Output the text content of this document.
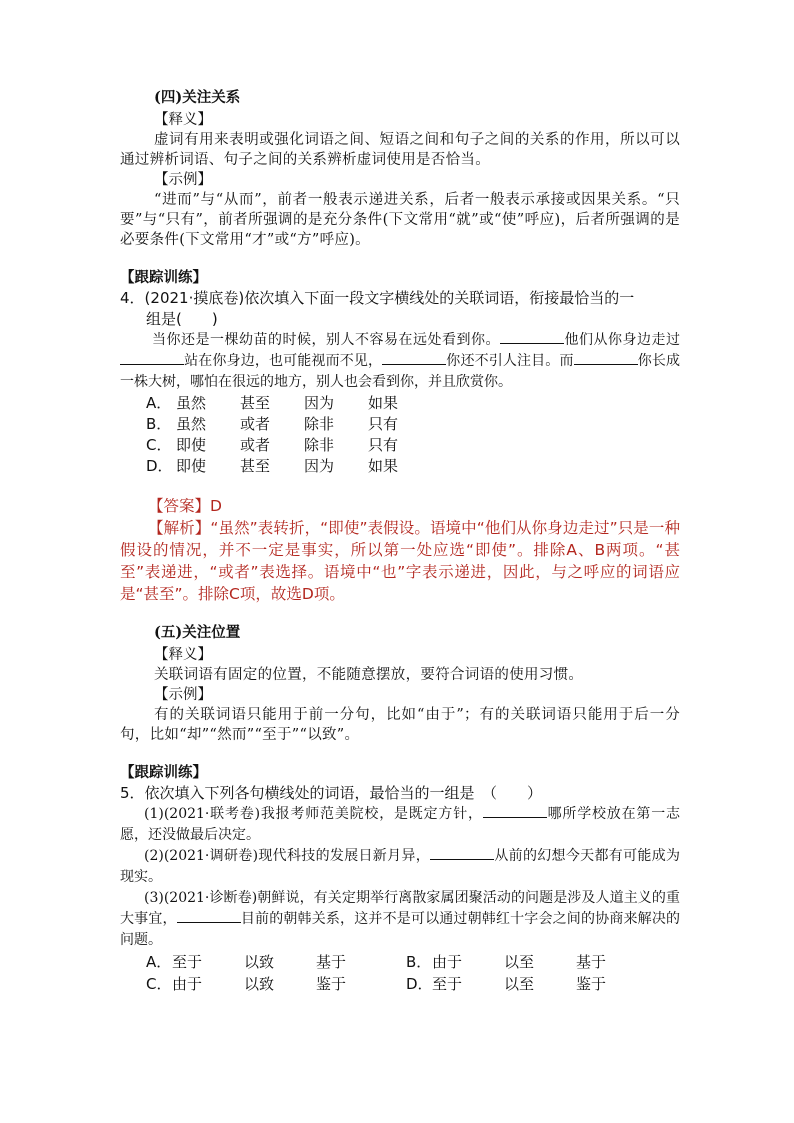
(四)关注关系
【释义】
虚词有用来表明或强化词语之间、短语之间和句子之间的关系的作用，所以可以通过辨析词语、句子之间的关系辨析虚词使用是否恰当。
【示例】
“进而”与“从而”，前者一般表示递进关系，后者一般表示承接或因果关系。“只要”与“只有”，前者所强调的是充分条件(下文常用“就”或“使”呼应)，后者所强调的是必要条件(下文常用“才”或“方”呼应)。
【跟踪训练】
4．(2021·摸底卷)依次填入下面一段文字横线处的关联词语，衔接最恰当的一
组是(　　)
当你还是一棵幼苗的时候，别人不容易在远处看到你。	他们从你身边走过站在你身边，也可能视而不见，	你还不引人注目。而	你长成一株大树，哪怕在很远的地方，别人也会看到你，并且欣赏你。
A． 虽然	甚至	因为	如果
B． 虽然	或者	除非	只有
C． 即使	或者	除非	只有
D． 即使	甚至	因为	如果
【答案】D
【解析】“虽然”表转折，“即使”表假设。语境中“他们从你身边走过”只是一种假设的情况，并不一定是事实，所以第一处应选“即使”。排除A、B两项。“甚至”表递进，“或者”表选择。语境中“也”字表示递进，因此，与之呼应的词语应是“甚至”。排除C项，故选D项。
(五)关注位置
【释义】
关联词语有固定的位置，不能随意摆放，要符合词语的使用习惯。
【示例】
有的关联词语只能用于前一分句，比如“由于”；有的关联词语只能用于后一分句，比如“却”“然而”“至于”“以致”。
【跟踪训练】
5．依次填入下列各句横线处的词语，最恰当的一组是　（　　）
(1)(2021·联考卷)我报考师范美院校，是既定方针，	哪所学校放在第一志愿，还没做最后决定。
(2)(2021·调研卷)现代科技的发展日新月异，	从前的幻想今天都有可能成为现实。
(3)(2021·诊断卷)朝鲜说，有关定期举行离散家属团聚活动的问题是涉及人道主义的重大事宜，	目前的朝韩关系，这并不是可以通过朝韩红十字会之间的协商来解决的问题。
A． 至于	以致	基于	B． 由于	以至	基于
C． 由于	以致	鉴于	D． 至于	以至	鉴于
